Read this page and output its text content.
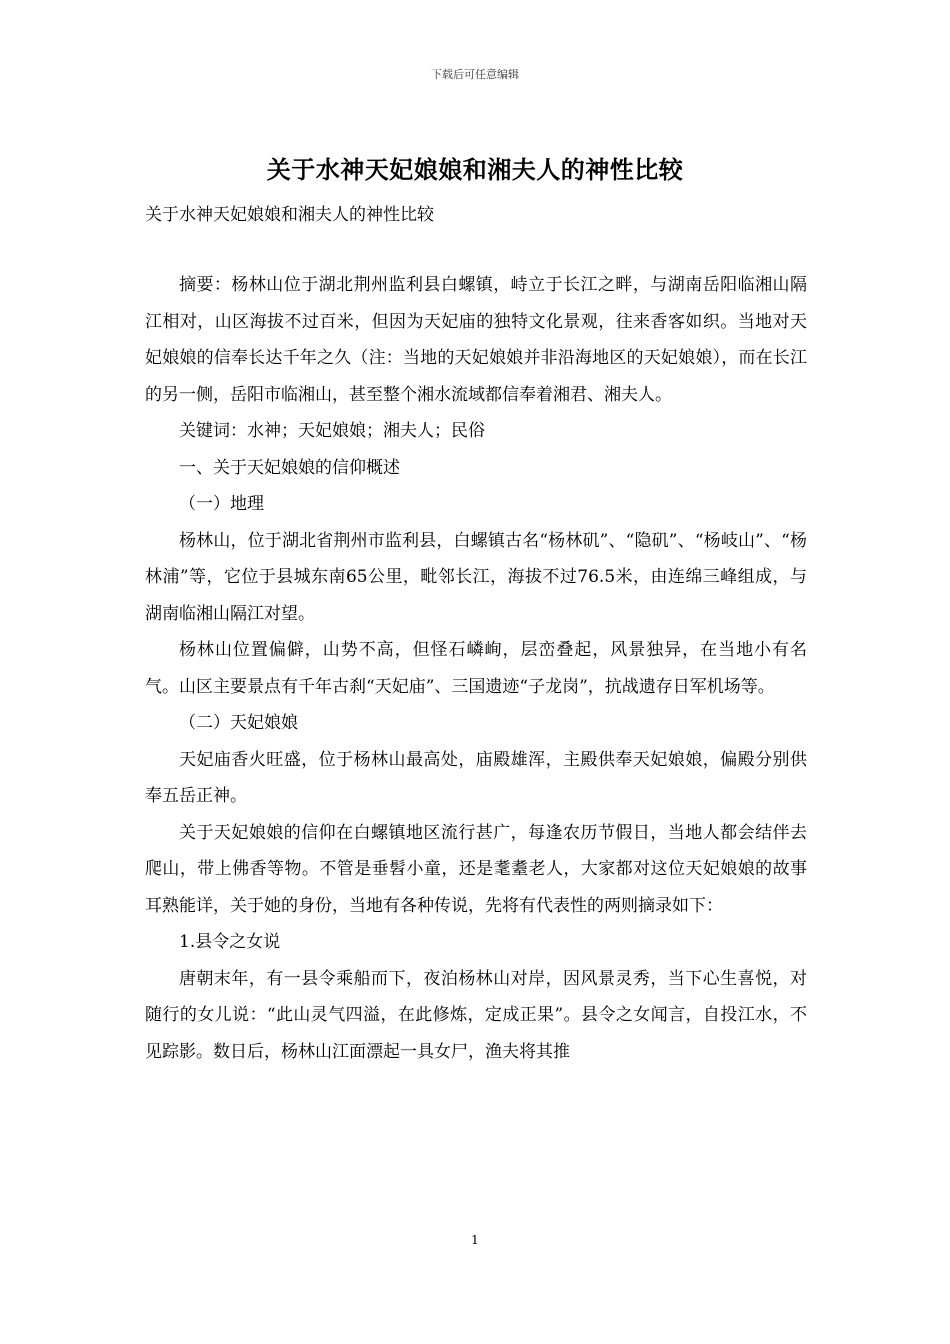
下载后可任意编辑
关于水神天妃娘娘和湘夫人的神性比较
关于水神天妃娘娘和湘夫人的神性比较

摘要：杨林山位于湖北荆州监利县白螺镇，峙立于长江之畔，与湖南岳阳临湘山隔江相对，山区海拔不过百米，但因为天妃庙的独特文化景观，往来香客如织。当地对天妃娘娘的信奉长达千年之久（注：当地的天妃娘娘并非沿海地区的天妃娘娘），而在长江的另一侧，岳阳市临湘山，甚至整个湘水流域都信奉着湘君、湘夫人。

关键词：水神；天妃娘娘；湘夫人；民俗

一、关于天妃娘娘的信仰概述

（一）地理

杨林山，位于湖北省荆州市监利县，白螺镇古名“杨林矶”、“隐矶”、“杨岐山”、“杨林浦”等，它位于县城东南65公里，毗邻长江，海拔不过76.5米，由连绵三峰组成，与湖南临湘山隔江对望。

杨林山位置偏僻，山势不高，但怪石嶙峋，层峦叠起，风景独异，在当地小有名气。山区主要景点有千年古刹“天妃庙”、三国遗迹“子龙岗”，抗战遗存日军机场等。

（二）天妃娘娘

天妃庙香火旺盛，位于杨林山最高处，庙殿雄浑，主殿供奉天妃娘娘，偏殿分别供奉五岳正神。

关于天妃娘娘的信仰在白螺镇地区流行甚广，每逢农历节假日，当地人都会结伴去爬山，带上佛香等物。不管是垂髫小童，还是耄耋老人，大家都对这位天妃娘娘的故事耳熟能详，关于她的身份，当地有各种传说，先将有代表性的两则摘录如下：

1.县令之女说

唐朝末年，有一县令乘船而下，夜泊杨林山对岸，因风景灵秀，当下心生喜悦，对随行的女儿说：“此山灵气四溢，在此修炼，定成正果”。县令之女闻言，自投江水，不见踪影。数日后，杨林山江面漂起一具女尸，渔夫将其推

1
